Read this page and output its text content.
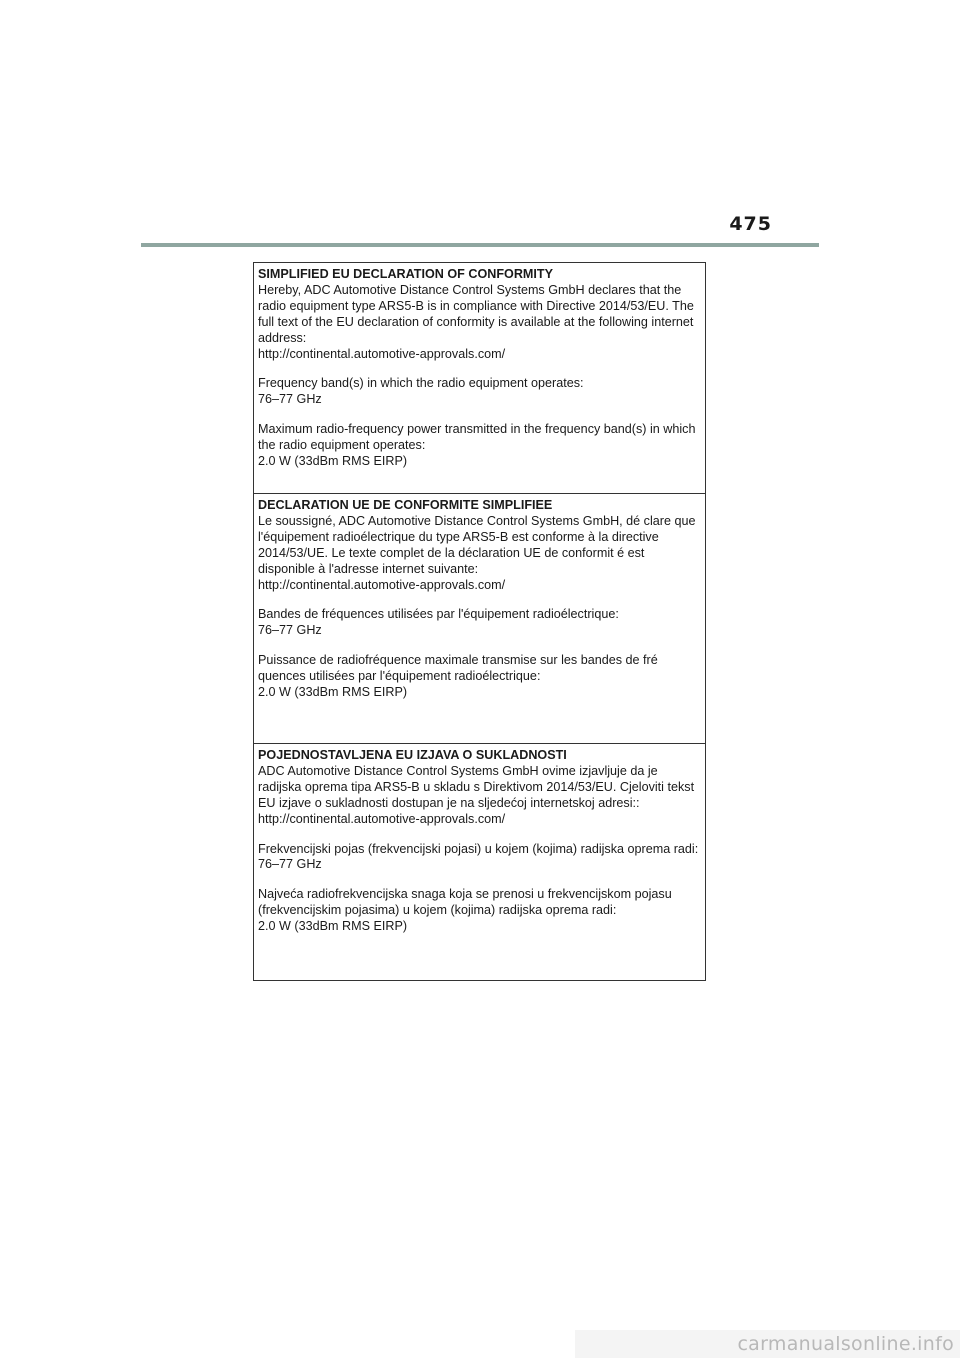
475

SIMPLIFIED EU DECLARATION OF CONFORMITY

Hereby, ADC Automotive Distance Control Systems GmbH declares that the radio equipment type ARS5-B is in compliance with Directive 2014/53/EU. The full text of the EU declaration of conformity is available at the following internet address:

http://continental.automotive-approvals.com/

Frequency band(s) in which the radio equipment operates:

76–77 GHz

Maximum radio-frequency power transmitted in the frequency band(s) in which the radio equipment operates:

2.0 W (33dBm RMS EIRP)

DECLARATION UE DE CONFORMITE SIMPLIFIEE

Le soussigné, ADC Automotive Distance Control Systems GmbH, dé clare que l'équipement radioélectrique du type ARS5-B est conforme à la directive 2014/53/UE. Le texte complet de la déclaration UE de conformit é est disponible à l'adresse internet suivante:

http://continental.automotive-approvals.com/

Bandes de fréquences utilisées par l'équipement radioélectrique:

76–77 GHz

Puissance de radiofréquence maximale transmise sur les bandes de fré quences utilisées par l'équipement radioélectrique:

2.0 W (33dBm RMS EIRP)

POJEDNOSTAVLJENA EU IZJAVA O SUKLADNOSTI

ADC Automotive Distance Control Systems GmbH ovime izjavljuje da je radijska oprema tipa ARS5-B u skladu s Direktivom 2014/53/EU. Cjeloviti tekst EU izjave o sukladnosti dostupan je na sljedećoj internetskoj adresi::

http://continental.automotive-approvals.com/

Frekvencijski pojas (frekvencijski pojasi) u kojem (kojima) radijska oprema radi: 76–77 GHz

Najveća radiofrekvencijska snaga koja se prenosi u frekvencijskom pojasu (frekvencijskim pojasima) u kojem (kojima) radijska oprema radi:

2.0 W (33dBm RMS EIRP)

carmanualsonline.info
